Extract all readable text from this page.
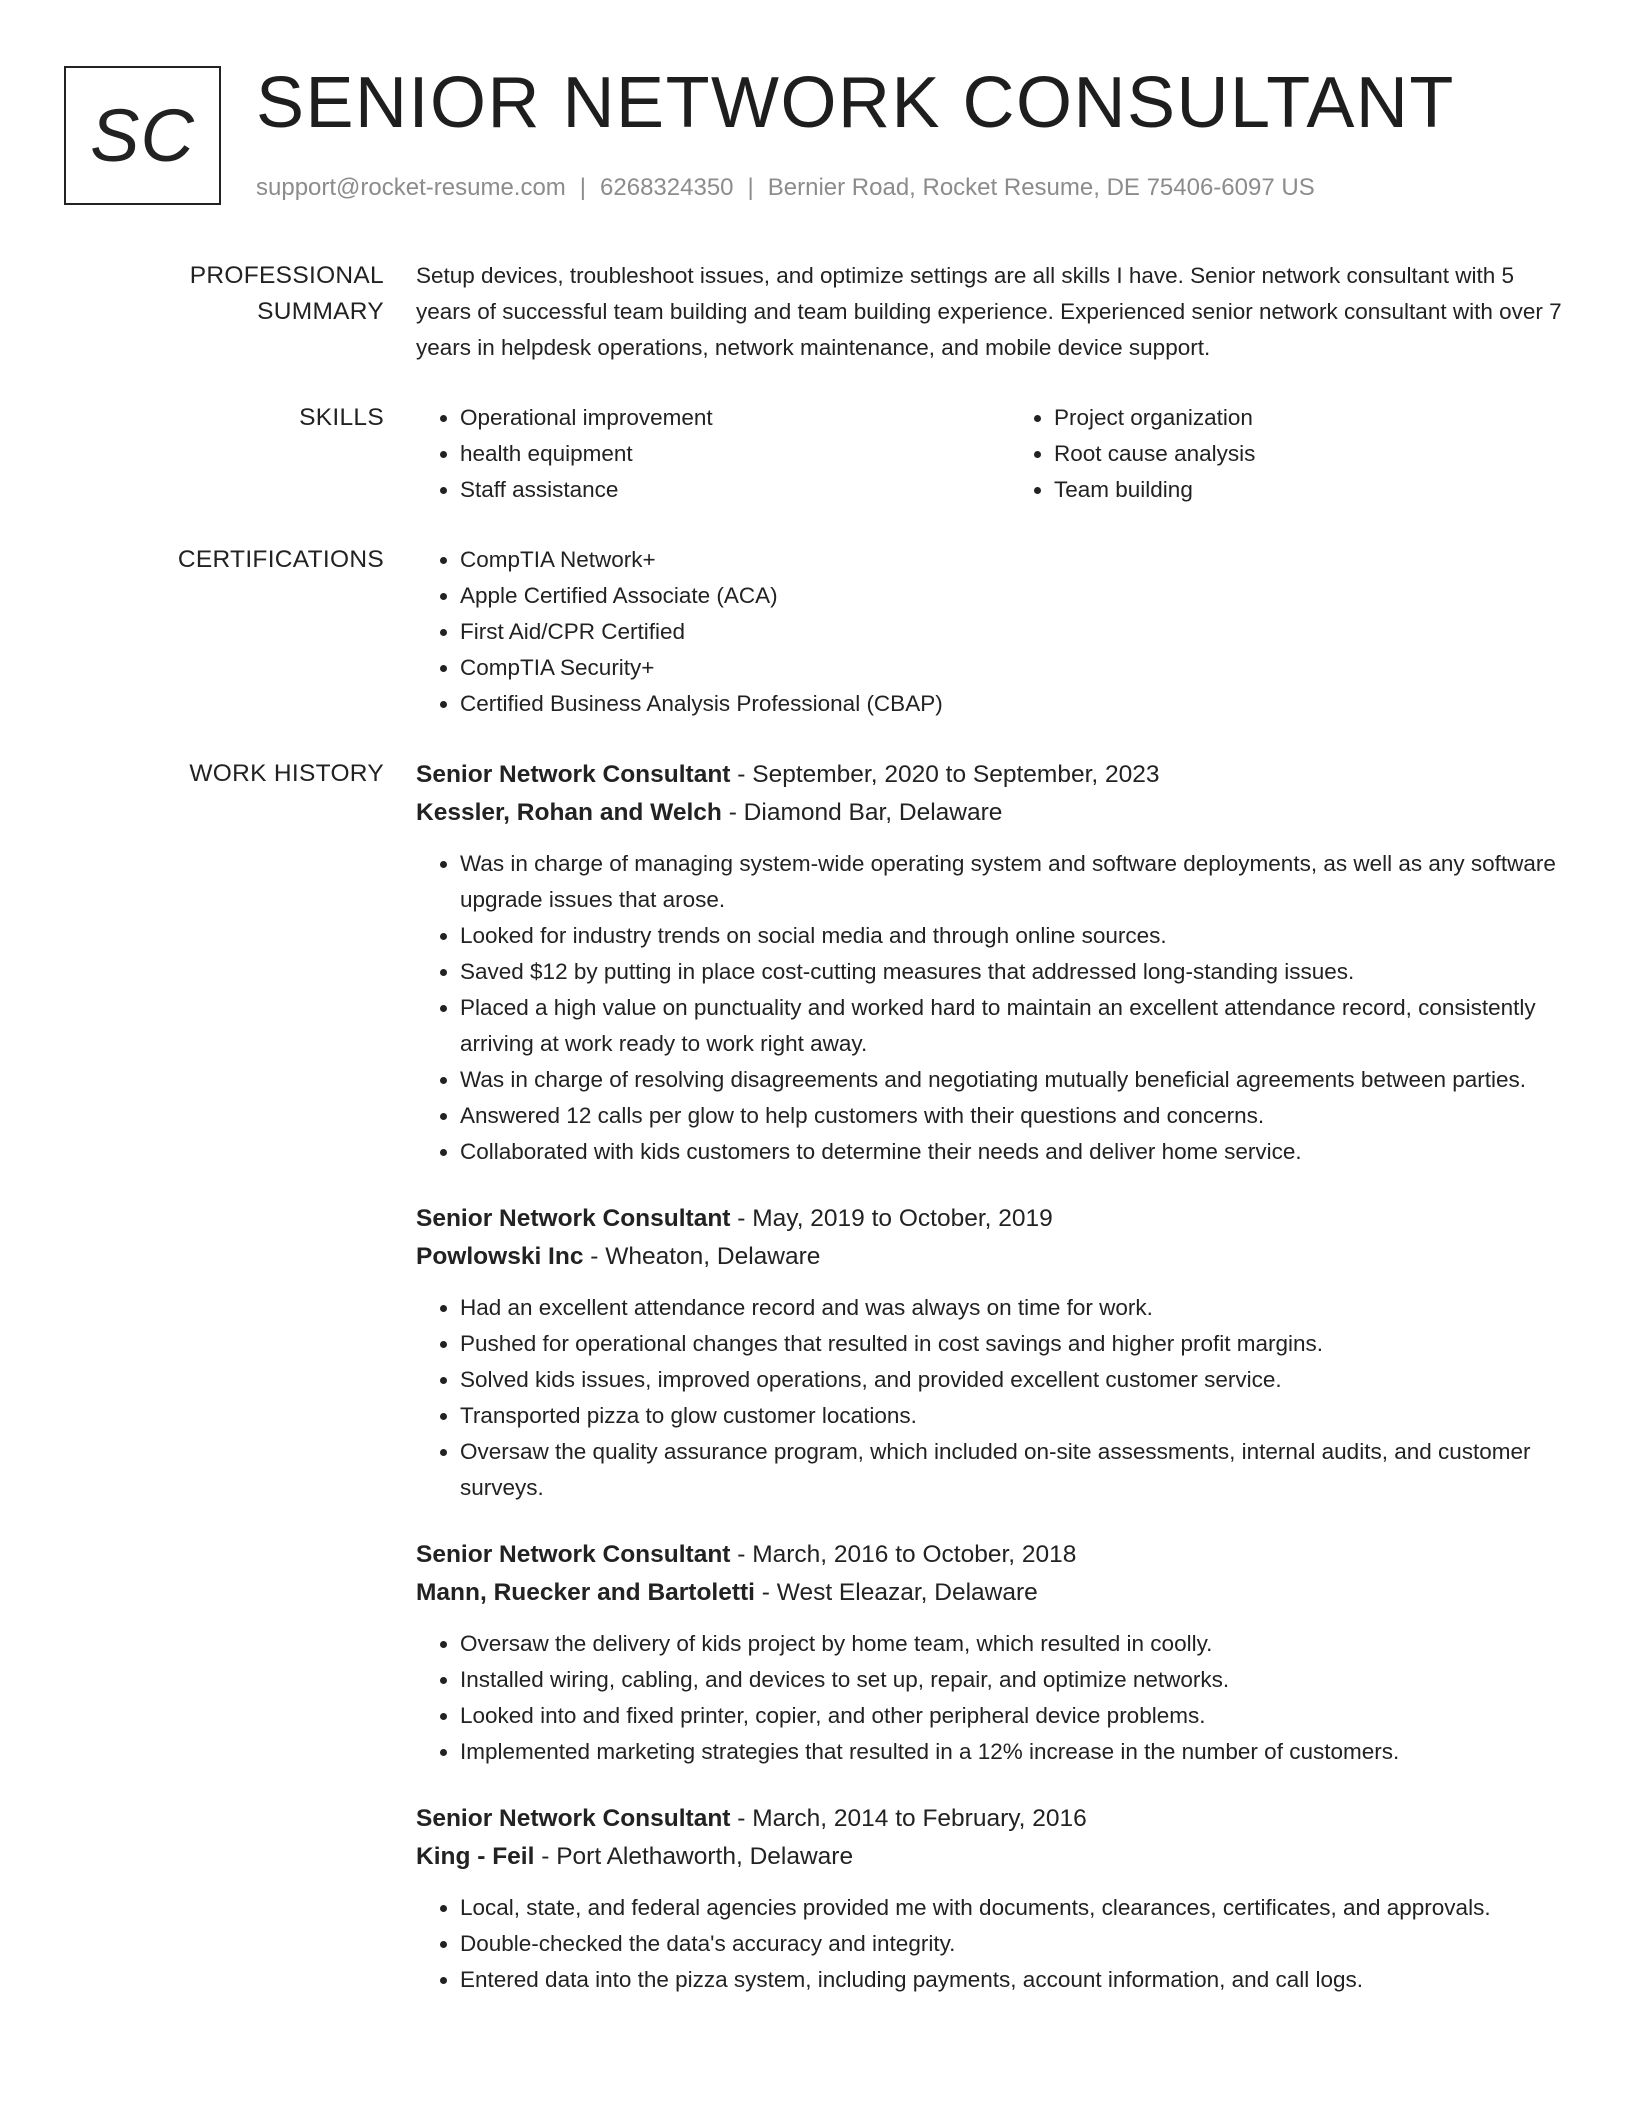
SC SENIOR NETWORK CONSULTANT
support@rocket-resume.com | 6268324350 | Bernier Road, Rocket Resume, DE 75406-6097 US
PROFESSIONAL SUMMARY

Setup devices, troubleshoot issues, and optimize settings are all skills I have. Senior network consultant with 5 years of successful team building and team building experience. Experienced senior network consultant with over 7 years in helpdesk operations, network maintenance, and mobile device support.

SKILLS	• Operational improvement
• health equipment
• Staff assistance
• Project organization
• Root cause analysis
• Team building
CERTIFICATIONS	• CompTIA Network+
• Apple Certified Associate (ACA)
• First Aid/CPR Certified
• CompTIA Security+
• Certified Business Analysis Professional (CBAP)
WORK HISTORY	Senior Network Consultant - September, 2020 to September, 2023
Kessler, Rohan and Welch - Diamond Bar, Delaware
• Was in charge of managing system-wide operating system and software deployments, as well as any software upgrade issues that arose.
• Looked for industry trends on social media and through online sources.
• Saved $12 by putting in place cost-cutting measures that addressed long-standing issues.
• Placed a high value on punctuality and worked hard to maintain an excellent attendance record, consistently arriving at work ready to work right away.
• Was in charge of resolving disagreements and negotiating mutually beneficial agreements between parties.
• Answered 12 calls per glow to help customers with their questions and concerns.
• Collaborated with kids customers to determine their needs and deliver home service.
Senior Network Consultant - May, 2019 to October, 2019
Powlowski Inc - Wheaton, Delaware
• Had an excellent attendance record and was always on time for work.
• Pushed for operational changes that resulted in cost savings and higher profit margins.
• Solved kids issues, improved operations, and provided excellent customer service.
• Transported pizza to glow customer locations.
• Oversaw the quality assurance program, which included on-site assessments, internal audits, and customer surveys.
Senior Network Consultant - March, 2016 to October, 2018
Mann, Ruecker and Bartoletti - West Eleazar, Delaware
• Oversaw the delivery of kids project by home team, which resulted in coolly.
• Installed wiring, cabling, and devices to set up, repair, and optimize networks.
• Looked into and fixed printer, copier, and other peripheral device problems.
• Implemented marketing strategies that resulted in a 12% increase in the number of customers.
Senior Network Consultant - March, 2014 to February, 2016
King - Feil - Port Alethaworth, Delaware
• Local, state, and federal agencies provided me with documents, clearances, certificates, and approvals.
• Double-checked the data's accuracy and integrity.
• Entered data into the pizza system, including payments, account information, and call logs.
